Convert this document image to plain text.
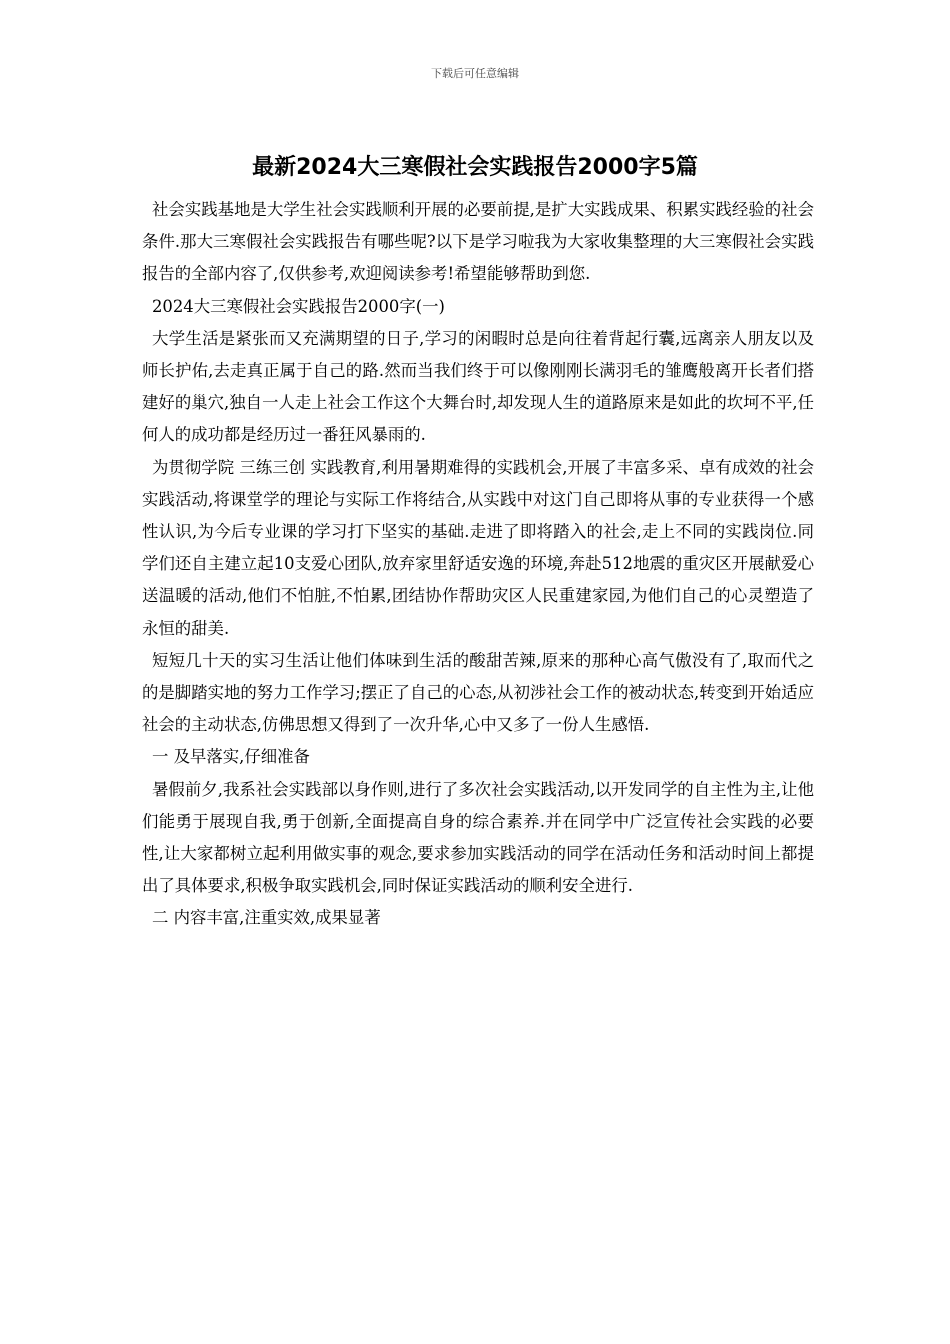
下载后可任意编辑
最新2024大三寒假社会实践报告2000字5篇

社会实践基地是大学生社会实践顺利开展的必要前提,是扩大实践成果、积累实践经验的社会条件.那大三寒假社会实践报告有哪些呢?以下是学习啦我为大家收集整理的大三寒假社会实践报告的全部内容了,仅供参考,欢迎阅读参考!希望能够帮助到您.

2024大三寒假社会实践报告2000字(一)

大学生活是紧张而又充满期望的日子,学习的闲暇时总是向往着背起行囊,远离亲人朋友以及师长护佑,去走真正属于自己的路.然而当我们终于可以像刚刚长满羽毛的雏鹰般离开长者们搭建好的巢穴,独自一人走上社会工作这个大舞台时,却发现人生的道路原来是如此的坎坷不平,任何人的成功都是经历过一番狂风暴雨的.

为贯彻学院 三练三创 实践教育,利用暑期难得的实践机会,开展了丰富多采、卓有成效的社会实践活动,将课堂学的理论与实际工作将结合,从实践中对这门自己即将从事的专业获得一个感性认识,为今后专业课的学习打下坚实的基础.走进了即将踏入的社会,走上不同的实践岗位.同学们还自主建立起10支爱心团队,放弃家里舒适安逸的环境,奔赴512地震的重灾区开展献爱心送温暖的活动,他们不怕脏,不怕累,团结协作帮助灾区人民重建家园,为他们自己的心灵塑造了永恒的甜美.

短短几十天的实习生活让他们体味到生活的酸甜苦辣,原来的那种心高气傲没有了,取而代之的是脚踏实地的努力工作学习;摆正了自己的心态,从初涉社会工作的被动状态,转变到开始适应社会的主动状态,仿佛思想又得到了一次升华,心中又多了一份人生感悟.

一 及早落实,仔细准备

暑假前夕,我系社会实践部以身作则,进行了多次社会实践活动,以开发同学的自主性为主,让他们能勇于展现自我,勇于创新,全面提高自身的综合素养.并在同学中广泛宣传社会实践的必要性,让大家都树立起利用做实事的观念,要求参加实践活动的同学在活动任务和活动时间上都提出了具体要求,积极争取实践机会,同时保证实践活动的顺利安全进行.

二 内容丰富,注重实效,成果显著
